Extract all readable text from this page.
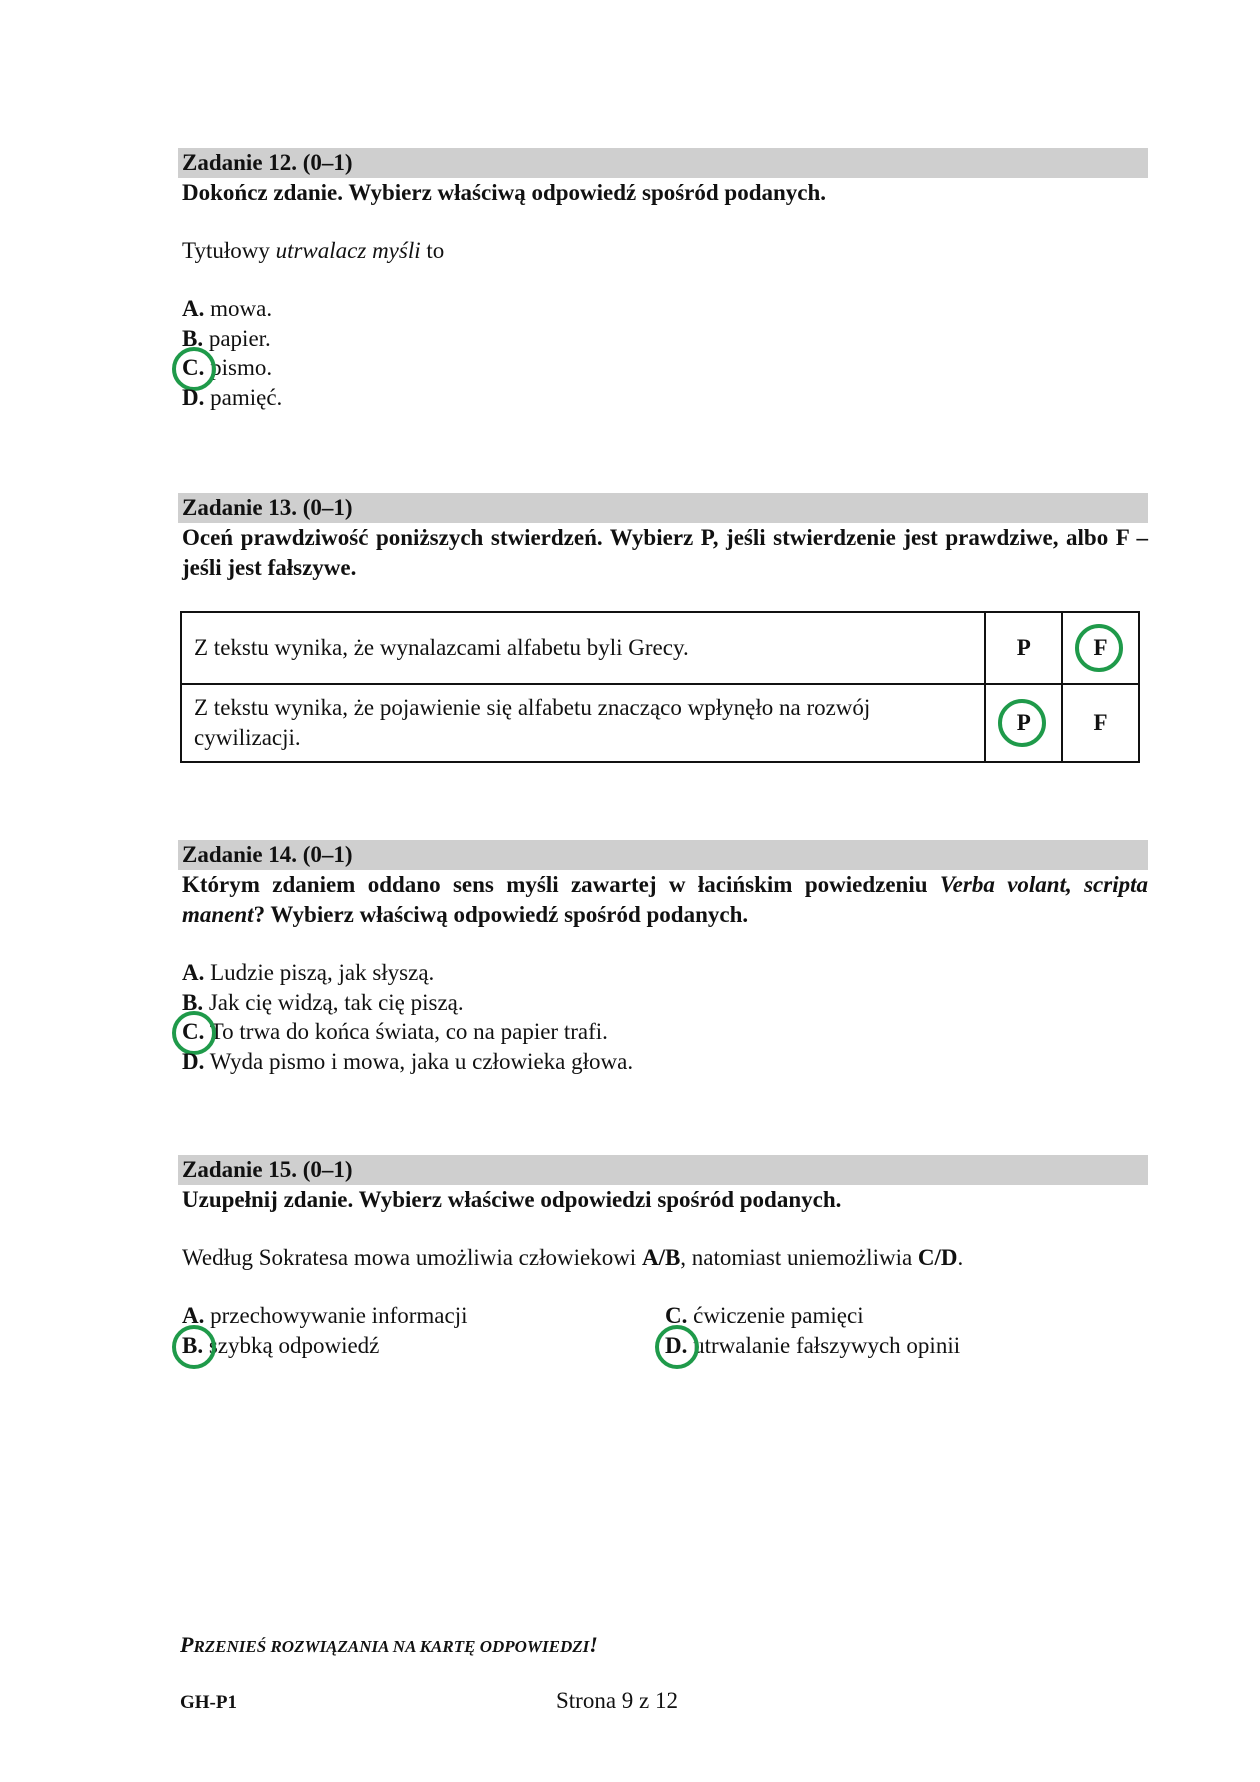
Zadanie 12. (0–1)
Dokończ zdanie. Wybierz właściwą odpowiedź spośród podanych.
Tytułowy utrwalacz myśli to
A. mowa.
B. papier.
C. pismo.
D. pamięć.
Zadanie 13. (0–1)
Oceń prawdziwość poniższych stwierdzeń. Wybierz P, jeśli stwierdzenie jest prawdziwe, albo F – jeśli jest fałszywe.
Z tekstu wynika, że wynalazcami alfabetu byli Grecy.	P	F
Z tekstu wynika, że pojawienie się alfabetu znacząco wpłynęło na rozwój cywilizacji.	P	F
Zadanie 14. (0–1)
Którym zdaniem oddano sens myśli zawartej w łacińskim powiedzeniu Verba volant, scripta manent? Wybierz właściwą odpowiedź spośród podanych.
A. Ludzie piszą, jak słyszą.
B. Jak cię widzą, tak cię piszą.
C. To trwa do końca świata, co na papier trafi.
D. Wyda pismo i mowa, jaka u człowieka głowa.
Zadanie 15. (0–1)
Uzupełnij zdanie. Wybierz właściwe odpowiedzi spośród podanych.
Według Sokratesa mowa umożliwia człowiekowi A/B, natomiast uniemożliwia C/D.
A. przechowywanie informacji
B. szybką odpowiedź
C. ćwiczenie pamięci
D. utrwalanie fałszywych opinii
PRZENIEŚ ROZWIĄZANIA NA KARTĘ ODPOWIEDZI!
GH-P1	Strona 9 z 12
